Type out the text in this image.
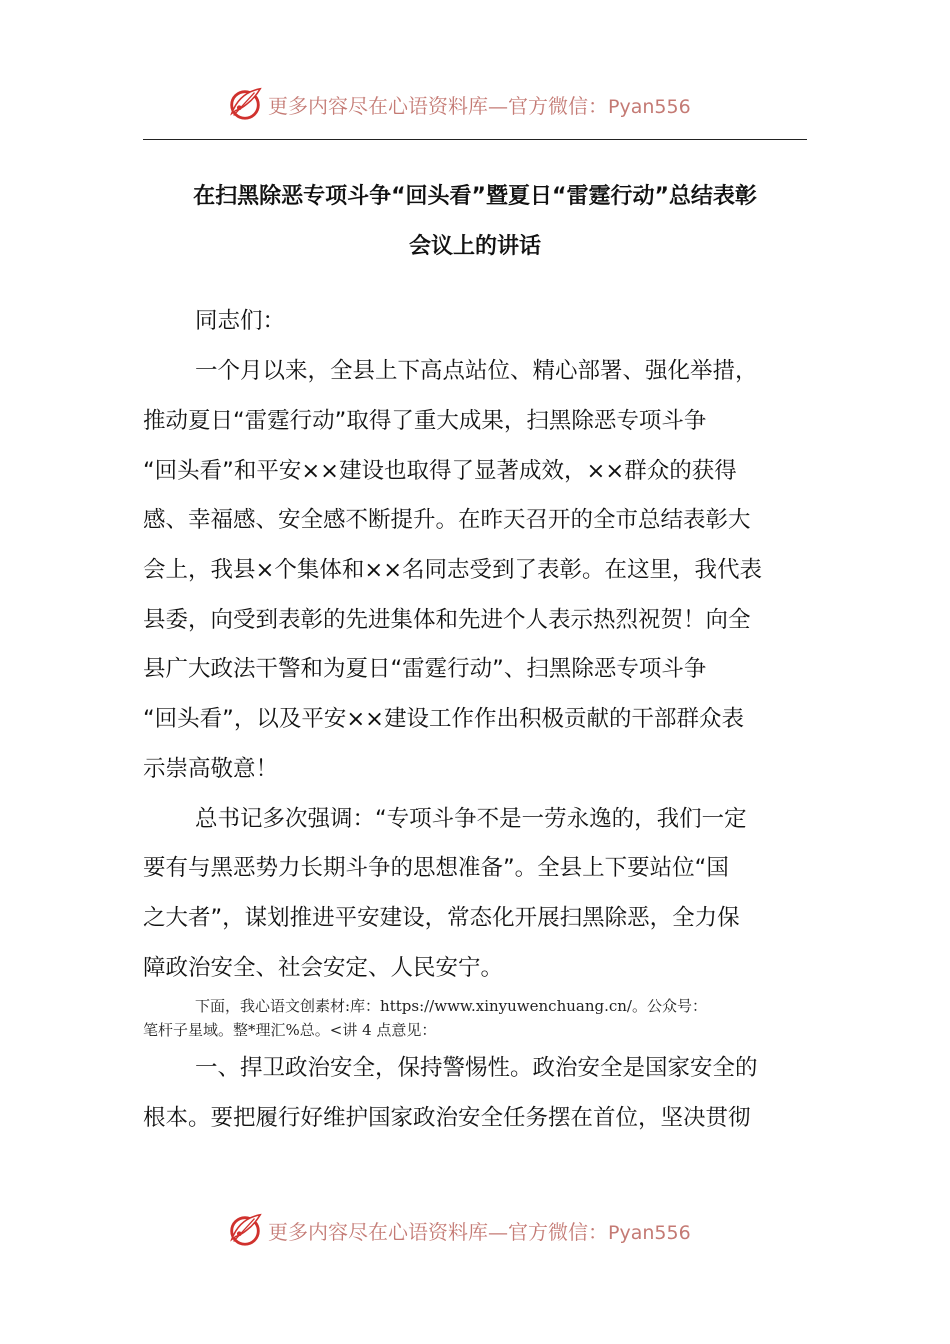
更多内容尽在心语资料库—官方微信：Pyan556
在扫黑除恶专项斗争“回头看”暨夏日“雷霆行动”总结表彰
会议上的讲话
同志们：
一个月以来，全县上下高点站位、精心部署、强化举措，
推动夏日“雷霆行动”取得了重大成果，扫黑除恶专项斗争
“回头看”和平安××建设也取得了显著成效，××群众的获得
感、幸福感、安全感不断提升。在昨天召开的全市总结表彰大
会上，我县×个集体和××名同志受到了表彰。在这里，我代表
县委，向受到表彰的先进集体和先进个人表示热烈祝贺！向全
县广大政法干警和为夏日“雷霆行动”、扫黑除恶专项斗争
“回头看”，以及平安××建设工作作出积极贡献的干部群众表
示崇高敬意！
总书记多次强调：“专项斗争不是一劳永逸的，我们一定
要有与黑恶势力长期斗争的思想准备”。全县上下要站位“国
之大者”，谋划推进平安建设，常态化开展扫黑除恶，全力保
障政治安全、社会安定、人民安宁。
下面，我心语文创素材:库：https://www.xinyuwenchuang.cn/。公众号：
笔杆子星域。整*理汇%总。<讲 4 点意见：
一、捍卫政治安全，保持警惕性。政治安全是国家安全的
根本。要把履行好维护国家政治安全任务摆在首位，坚决贯彻
更多内容尽在心语资料库—官方微信：Pyan556
